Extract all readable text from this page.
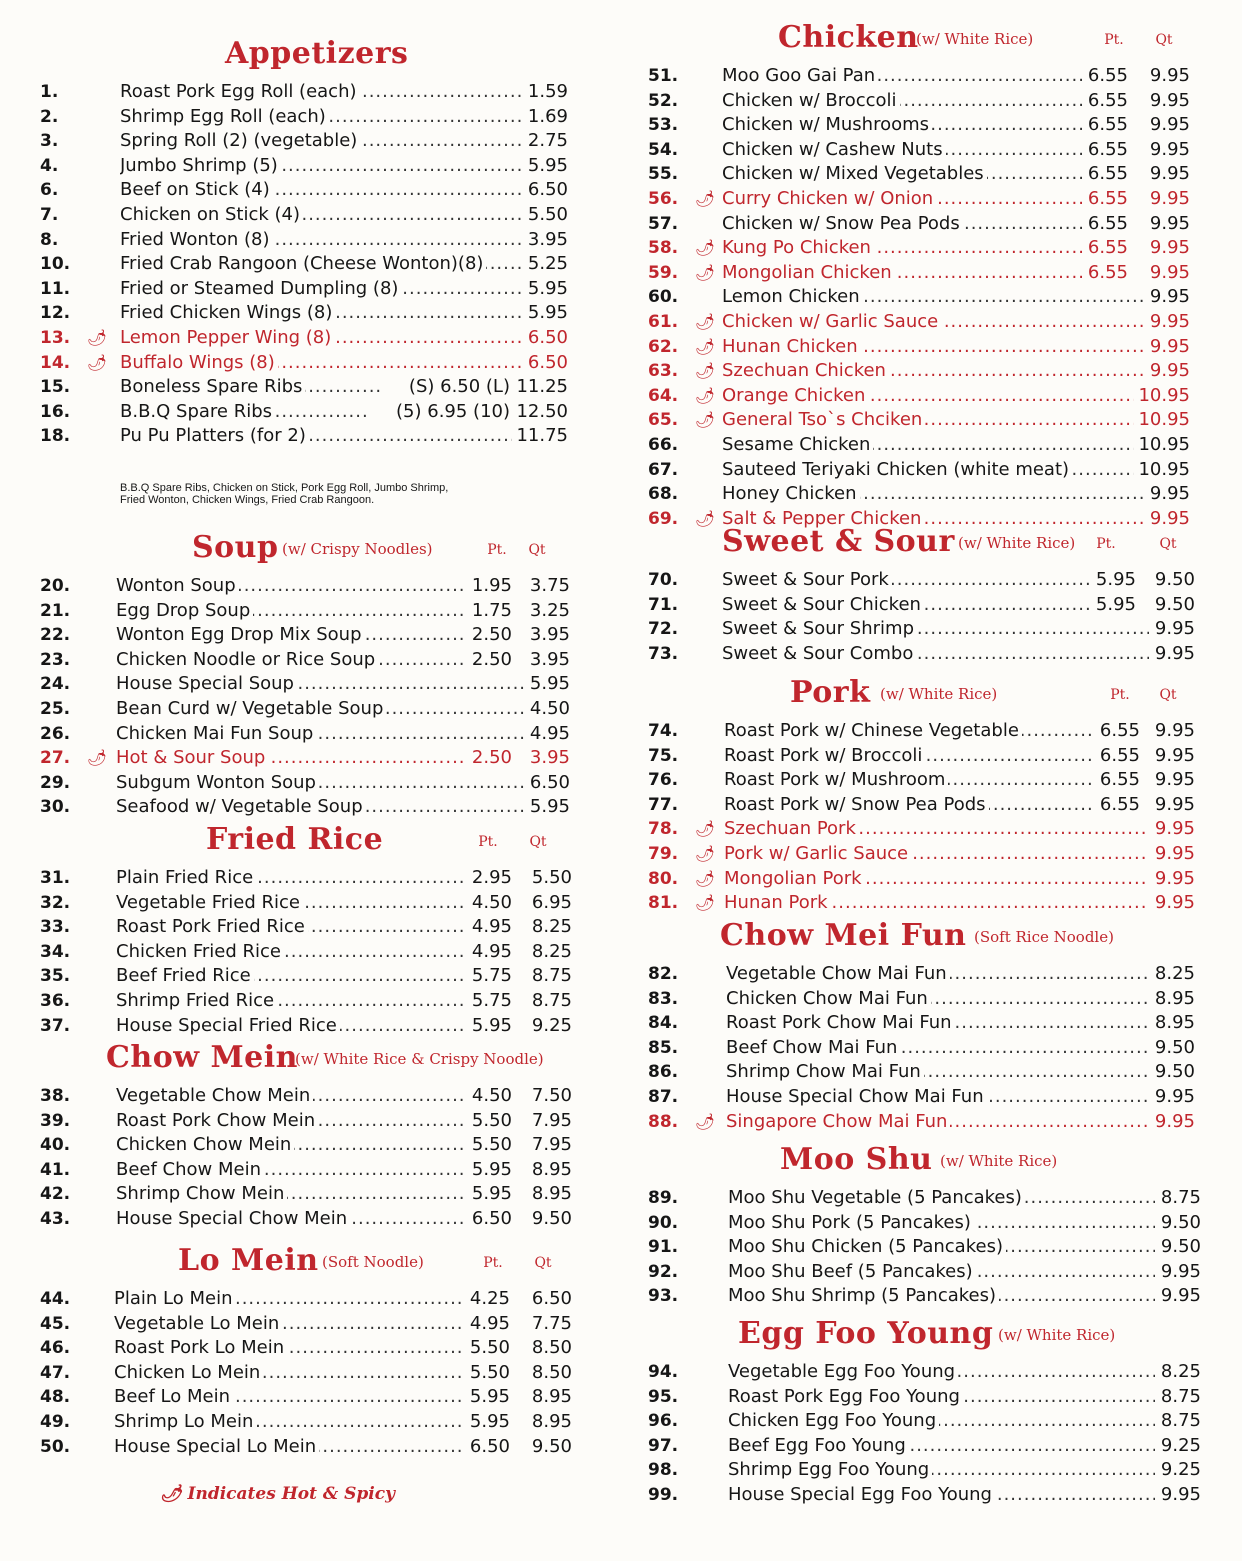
Appetizers
1.	Roast Pork Egg Roll (each) .....	1.59
2.	Shrimp Egg Roll (each) .....	1.69
3.	Spring Roll (2) (vegetable) .....	2.75
4.	Jumbo Shrimp (5) .....	5.95
6.	Beef on Stick (4) .....	6.50
7.	Chicken on Stick (4) .....	5.50
8.	Fried Wonton (8) .....	3.95
10.	Fried Crab Rangoon (Cheese Wonton)(8) .....	5.25
11.	Fried or Steamed Dumpling (8) .....	5.95
12.	Fried Chicken Wings (8) .....	5.95
13.	🌶︎ Lemon Pepper Wing (8) .....	6.50
14.	🌶︎ Buffalo Wings (8) .....	6.50
15.	Boneless Spare Ribs .....	(S) 6.50 (L) 11.25
16.	B.B.Q Spare Ribs .....	(5) 6.95 (10) 12.50
18.	Pu Pu Platters (for 2) .....	11.75
B.B.Q Spare Ribs, Chicken on Stick, Pork Egg Roll, Jumbo Shrimp,
Fried Wonton, Chicken Wings, Fried Crab Rangoon.
Soup (w/ Crispy Noodles)	Pt.	Qt
20.	Wonton Soup .....	1.95 3.75
21.	Egg Drop Soup .....	1.75 3.25
22.	Wonton Egg Drop Mix Soup .....	2.50 3.95
23.	Chicken Noodle or Rice Soup .....	2.50 3.95
24.	House Special Soup .....	5.95
25.	Bean Curd w/ Vegetable Soup .....	4.50
26.	Chicken Mai Fun Soup .....	4.95
27.	🌶︎ Hot & Sour Soup .....	2.50 3.95
29.	Subgum Wonton Soup .....	6.50
30.	Seafood w/ Vegetable Soup .....	5.95
Fried Rice	Pt.	Qt
31.	Plain Fried Rice .....	2.95	5.50
32.	Vegetable Fried Rice .....	4.50	6.95
33.	Roast Pork Fried Rice .....	4.95	8.25
34.	Chicken Fried Rice .....	4.95	8.25
35.	Beef Fried Rice .....	5.75	8.75
36.	Shrimp Fried Rice .....	5.75	8.75
37.	House Special Fried Rice .....	5.95	9.25
Chow Mein
(w/ White Rice & Crispy Noodle)
38.	Vegetable Chow Mein .....	4.50	7.50
39.	Roast Pork Chow Mein .....	5.50	7.95
40.	Chicken Chow Mein .....	5.50	7.95
41.	Beef Chow Mein .....	5.95	8.95
42.	Shrimp Chow Mein .....	5.95	8.95
43.	House Special Chow Mein .....	6.50	9.50
Lo Mein (Soft Noodle)	Pt.	Qt
44.	Plain Lo Mein .....	4.25	6.50
45.	Vegetable Lo Mein .....	4.95	7.75
46.	Roast Pork Lo Mein .....	5.50	8.50
47.	Chicken Lo Mein .....	5.50	8.50
48.	Beef Lo Mein .....	5.95	8.95
49.	Shrimp Lo Mein .....	5.95	8.95
50.	House Special Lo Mein .....	6.50	9.50
Chicken
(w/ White Rice)	Pt.	Qt
51.	Moo Goo Gai Pan .....	6.55	9.95
52.	Chicken w/ Broccoli .....	6.55	9.95
53.	Chicken w/ Mushrooms .....	6.55	9.95
54.	Chicken w/ Cashew Nuts .....	6.55	9.95
55.	Chicken w/ Mixed Vegetables .....	6.55	9.95
56.	🌶︎ Curry Chicken w/ Onion .....	6.55	9.95
57.	Chicken w/ Snow Pea Pods .....	6.55	9.95
58.	🌶︎ Kung Po Chicken .....	6.55	9.95
59.	🌶︎ Mongolian Chicken .....	6.55	9.95
60.	Lemon Chicken .....	9.95
61.	🌶︎ Chicken w/ Garlic Sauce .....	9.95
62.	🌶︎ Hunan Chicken .....	9.95
63.	🌶︎ Szechuan Chicken .....	9.95
64.	🌶︎ Orange Chicken .....	10.95
65.	🌶︎ General Tso`s Chciken .....	10.95
66.	Sesame Chicken .....	10.95
67.	Sauteed Teriyaki Chicken (white meat) .....	10.95
68.	Honey Chicken .....	9.95
69.	🌶︎ Salt & Pepper Chicken .....	9.95
Sweet & Sour (w/ White Rice)	Pt.	Qt
70.	Sweet & Sour Pork .....	5.95	9.50
71.	Sweet & Sour Chicken .....	5.95	9.50
72.	Sweet & Sour Shrimp .....	9.95
73.	Sweet & Sour Combo .....	9.95
Pork (w/ White Rice)	Pt.	Qt
74.	Roast Pork w/ Chinese Vegetable .....	6.55 9.95
75.	Roast Pork w/ Broccoli .....	6.55 9.95
76.	Roast Pork w/ Mushroom .....	6.55 9.95
77.	Roast Pork w/ Snow Pea Pods .....	6.55 9.95
78.	🌶︎ Szechuan Pork .....	9.95
79.	🌶︎ Pork w/ Garlic Sauce .....	9.95
80.	🌶︎ Mongolian Pork .....	9.95
81.	🌶︎ Hunan Pork .....	9.95
Chow Mei Fun (Soft Rice Noodle)
82.	Vegetable Chow Mai Fun .....	8.25
83.	Chicken Chow Mai Fun .....	8.95
84.	Roast Pork Chow Mai Fun .....	8.95
85.	Beef Chow Mai Fun .....	9.50
86.	Shrimp Chow Mai Fun .....	9.50
87.	House Special Chow Mai Fun .....	9.95
88.	🌶︎ Singapore Chow Mai Fun .....	9.95
Moo Shu (w/ White Rice)
89.	Moo Shu Vegetable (5 Pancakes) .....	8.75
90.	Moo Shu Pork (5 Pancakes) .....	9.50
91.	Moo Shu Chicken (5 Pancakes) .....	9.50
92.	Moo Shu Beef (5 Pancakes) .....	9.95
93.	Moo Shu Shrimp (5 Pancakes) .....	9.95
Egg Foo Young (w/ White Rice)
94.	Vegetable Egg Foo Young .....	8.25
95.	Roast Pork Egg Foo Young .....	8.75
96.	Chicken Egg Foo Young .....	8.75
97.	Beef Egg Foo Young .....	9.25
98.	Shrimp Egg Foo Young .....	9.25
99.	House Special Egg Foo Young .....	9.95
🌶︎ Indicates Hot & Spicy
